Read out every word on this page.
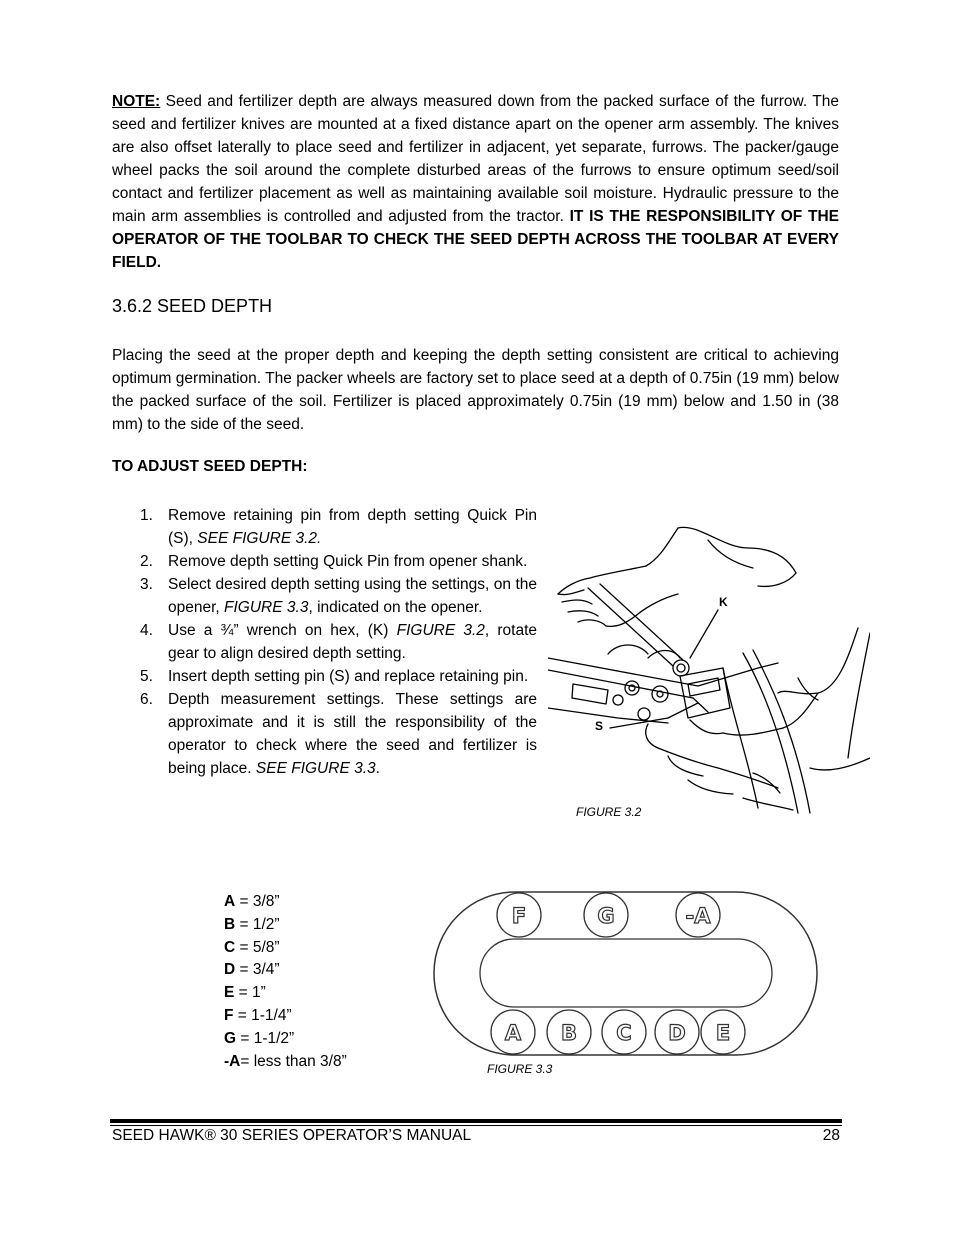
NOTE: Seed and fertilizer depth are always measured down from the packed surface of the furrow. The seed and fertilizer knives are mounted at a fixed distance apart on the opener arm assembly. The knives are also offset laterally to place seed and fertilizer in adjacent, yet separate, furrows. The packer/gauge wheel packs the soil around the complete disturbed areas of the furrows to ensure optimum seed/soil contact and fertilizer placement as well as maintaining available soil moisture. Hydraulic pressure to the main arm assemblies is controlled and adjusted from the tractor. IT IS THE RESPONSIBILITY OF THE OPERATOR OF THE TOOLBAR TO CHECK THE SEED DEPTH ACROSS THE TOOLBAR AT EVERY FIELD.
3.6.2 SEED DEPTH
Placing the seed at the proper depth and keeping the depth setting consistent are critical to achieving optimum germination. The packer wheels are factory set to place seed at a depth of 0.75in (19 mm) below the packed surface of the soil. Fertilizer is placed approximately 0.75in (19 mm) below and 1.50 in (38 mm) to the side of the seed.
TO ADJUST SEED DEPTH:
1. Remove retaining pin from depth setting Quick Pin (S), SEE FIGURE 3.2.
2. Remove depth setting Quick Pin from opener shank.
3. Select desired depth setting using the settings, on the opener, FIGURE 3.3, indicated on the opener.
4. Use a ¾” wrench on hex, (K) FIGURE 3.2, rotate gear to align desired depth setting.
5. Insert depth setting pin (S) and replace retaining pin.
6. Depth measurement settings. These settings are approximate and it is still the responsibility of the operator to check where the seed and fertilizer is being place. SEE FIGURE 3.3.
K
S
FIGURE 3.2
A = 3/8”
B = 1/2”
C = 5/8”
D = 3/4”
E = 1”
F = 1-1/4”
G = 1-1/2”
-A= less than 3/8”
F	G	-A
A B C D E
FIGURE 3.3
SEED HAWK® 30 SERIES OPERATOR’S MANUAL	28
